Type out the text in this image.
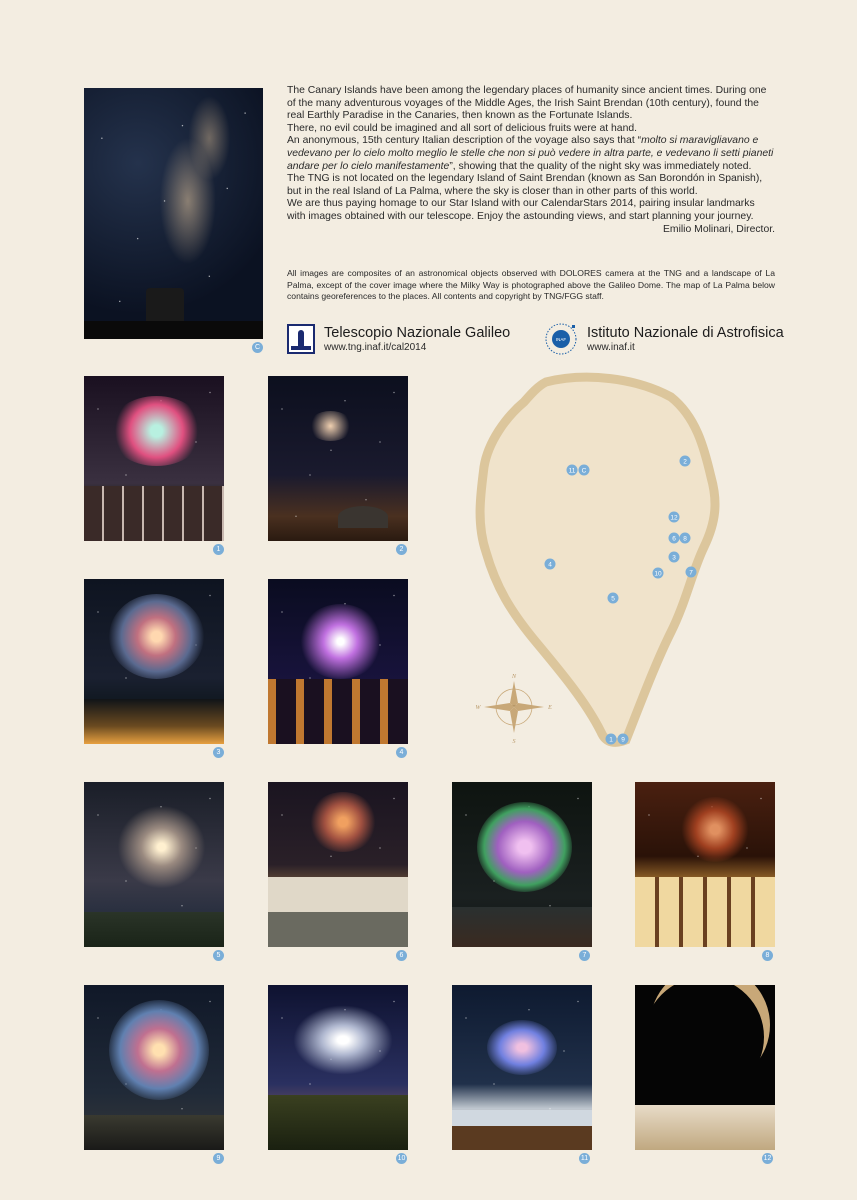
C

The Canary Islands have been among the legendary places of humanity since ancient times. During one of the many adventurous voyages of the Middle Ages, the Irish Saint Brendan (10th century), found the real Earthly Paradise in the Canaries, then known as the Fortunate Islands.

There, no evil could be imagined and all sort of delicious fruits were at hand.

An anonymous, 15th century Italian description of the voyage also says that “molto si maravigliavano e vedevano per lo cielo molto meglio le stelle che non si può vedere in altra parte, e vedevano li setti pianeti andare per lo cielo manifestamente”, showing that the quality of the night sky was immediately noted.

The TNG is not located on the legendary Island of Saint Brendan (known as San Borondón in Spanish), but in the real Island of La Palma, where the sky is closer than in other parts of this world.

We are thus paying homage to our Star Island with our CalendarStars 2014, pairing insular landmarks with images obtained with our telescope. Enjoy the astounding views, and start planning your journey.

Emilio Molinari, Director.

All images are composites of an astronomical objects observed with DOLORES camera at the TNG and a landscape of La Palma, except of the cover image where the Milky Way is photographed above the Galileo Dome. The map of La Palma below contains georeferences to the places. All contents and copyright by TNG/FGG staff.

Telescopio Nazionale Galileo
www.tng.inaf.it/cal2014
INAF Istituto Nazionale di Astrofisica
www.inaf.it
1	2
3	4
N
S
E
W
11 C
2
12
6 8
3
10	7
4
5
1 9
5	6	7	8
9	10	11	12
